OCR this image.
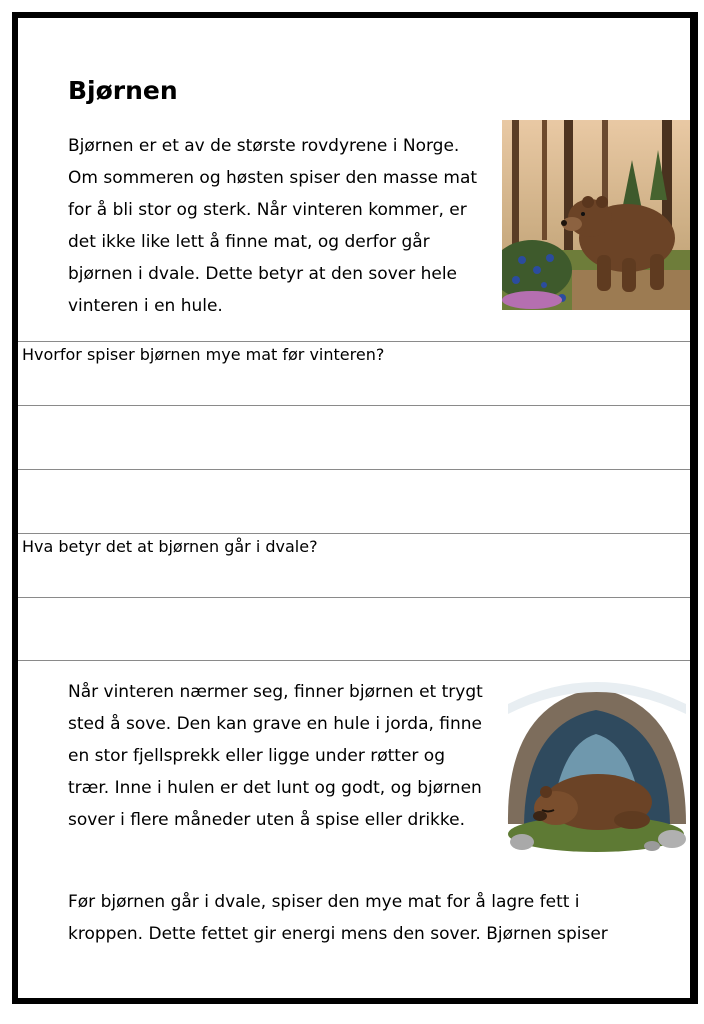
Bjørnen

Bjørnen er et av de største rovdyrene i Norge. Om sommeren og høsten spiser den masse mat for å bli stor og sterk. Når vinteren kommer, er det ikke like lett å finne mat, og derfor går bjørnen i dvale. Dette betyr at den sover hele vinteren i en hule.

Hvorfor spiser bjørnen mye mat før vinteren?
Hva betyr det at bjørnen går i dvale?

Når vinteren nærmer seg, finner bjørnen et trygt sted å sove. Den kan grave en hule i jorda, finne en stor fjellsprekk eller ligge under røtter og trær. Inne i hulen er det lunt og godt, og bjørnen sover i flere måneder uten å spise eller drikke.

Før bjørnen går i dvale, spiser den mye mat for å lagre fett i kroppen. Dette fettet gir energi mens den sover. Bjørnen spiser
